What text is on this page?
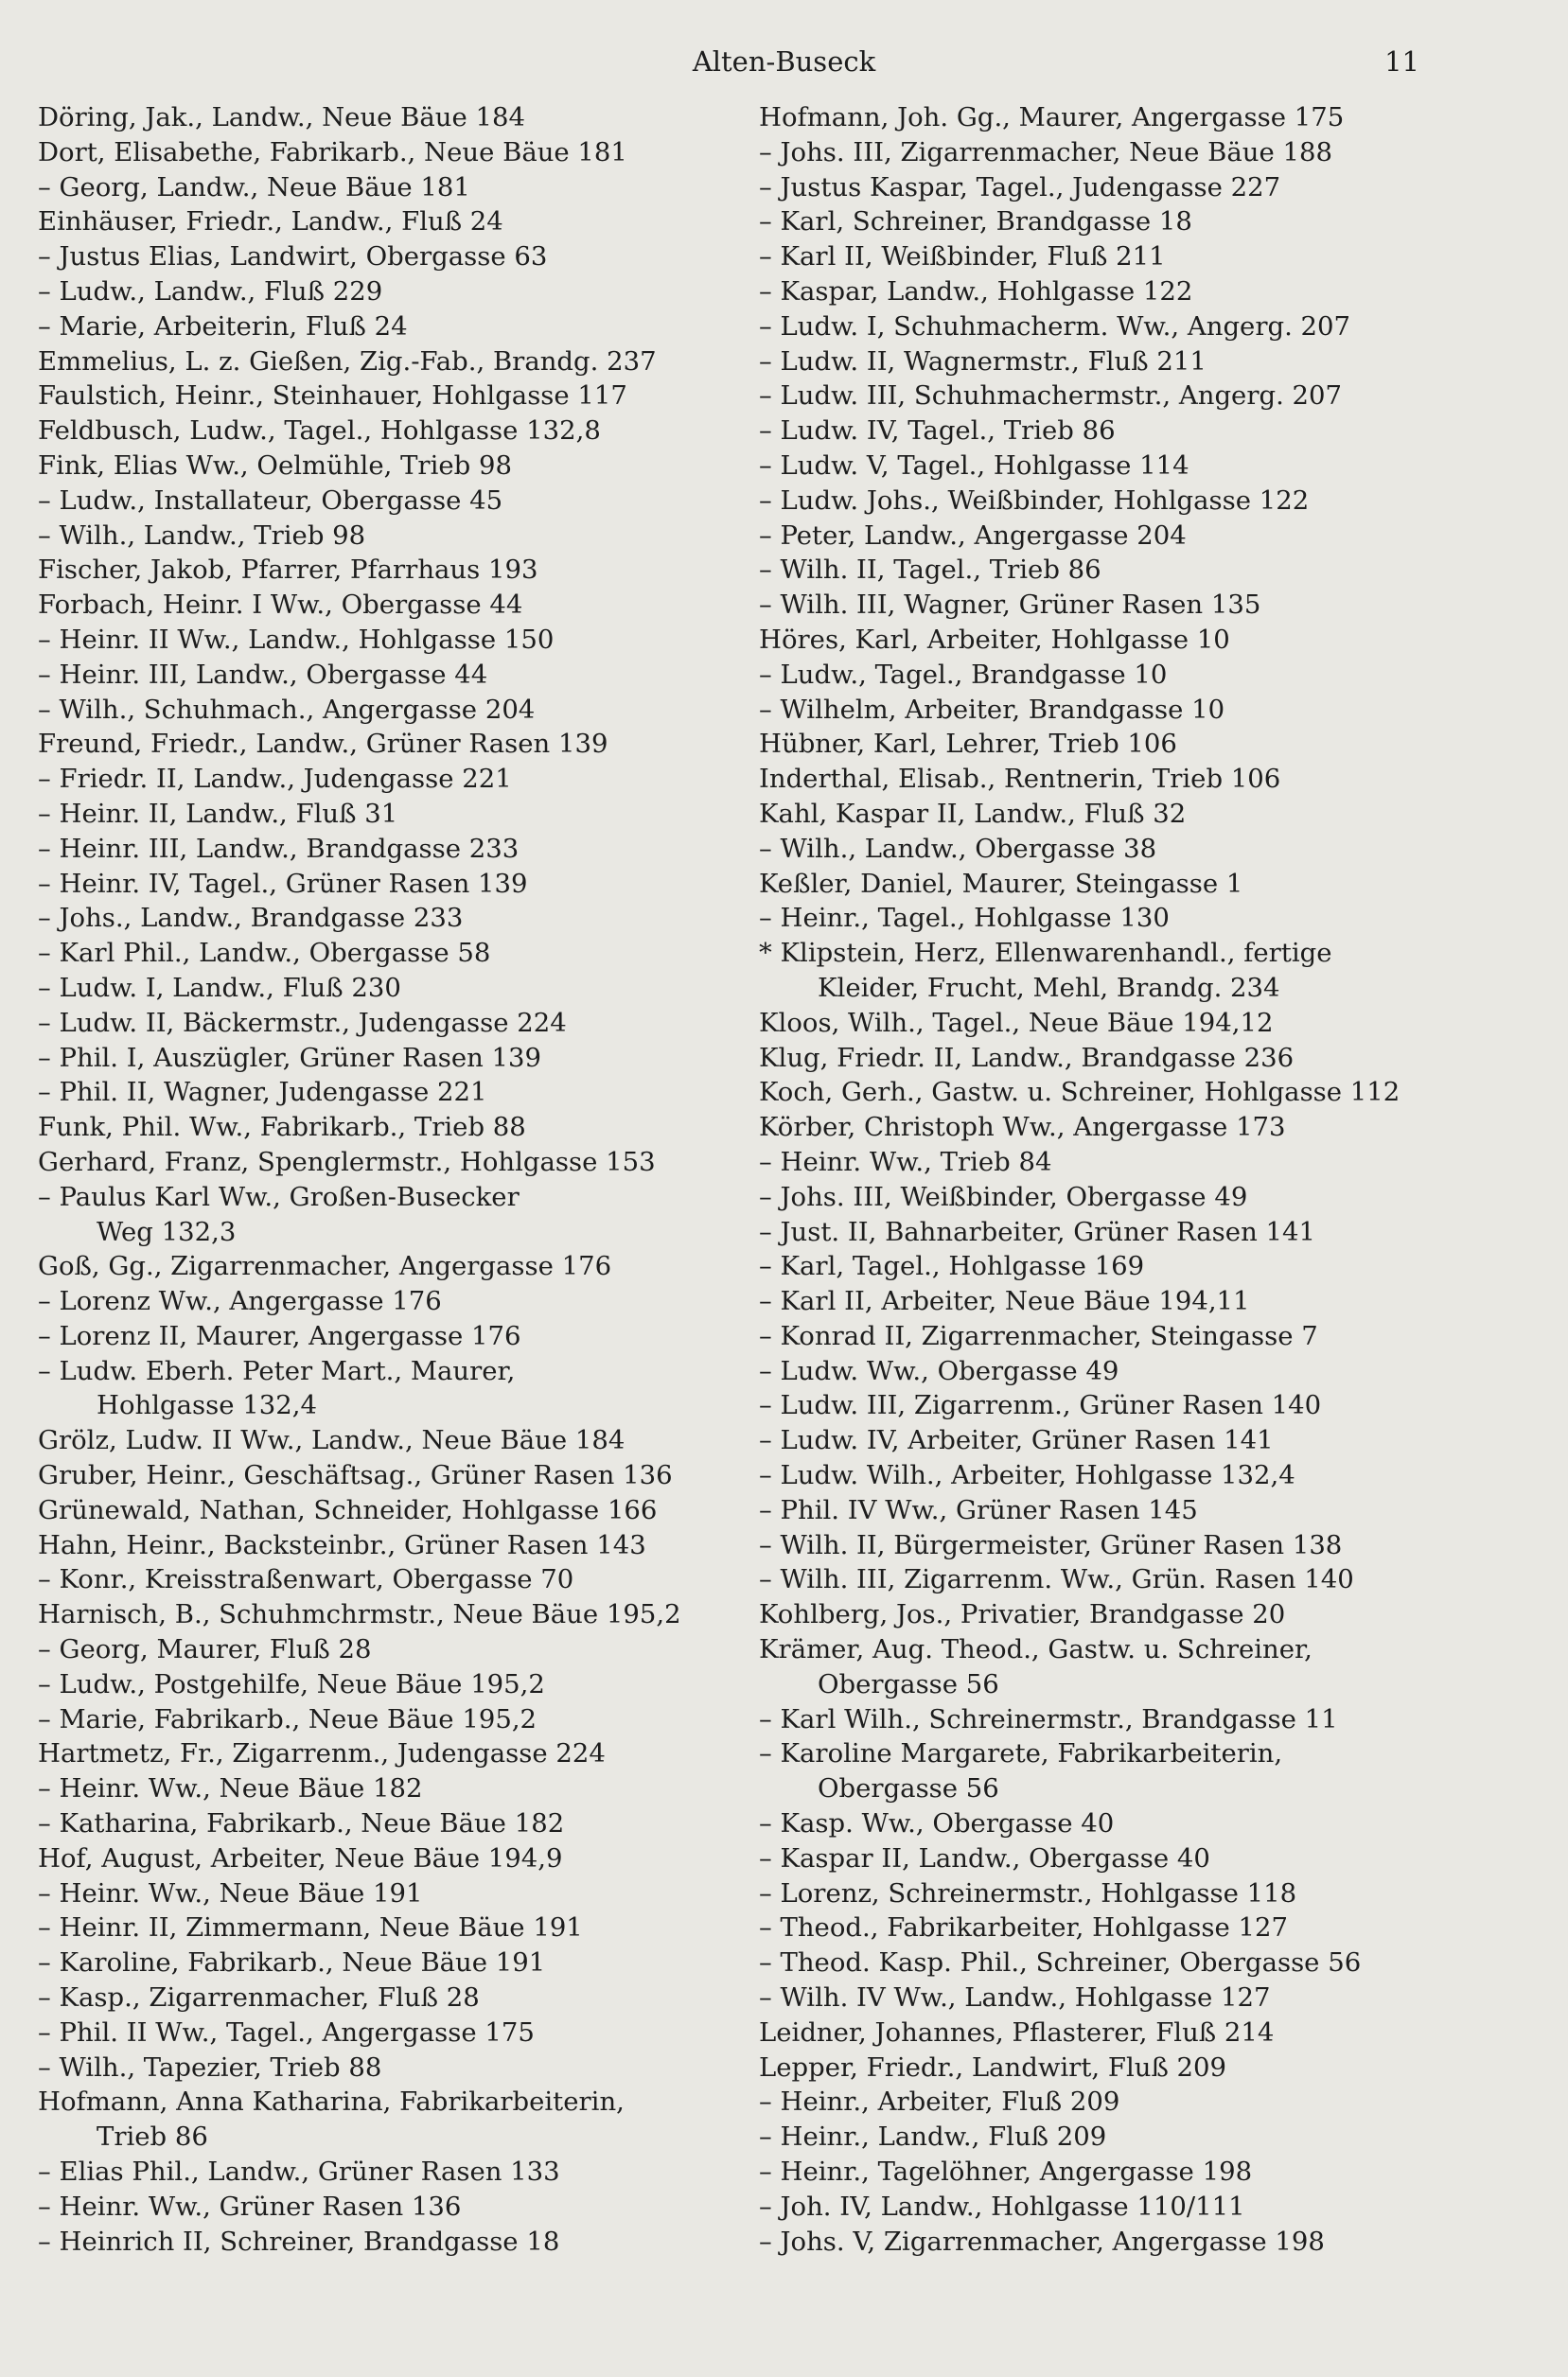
Alten-Buseck	11
Döring, Jak., Landw., Neue Bäue 184
Dort, Elisabethe, Fabrikarb., Neue Bäue 181
– Georg, Landw., Neue Bäue 181
Einhäuser, Friedr., Landw., Fluß 24
– Justus Elias, Landwirt, Obergasse 63
– Ludw., Landw., Fluß 229
– Marie, Arbeiterin, Fluß 24
Emmelius, L. z. Gießen, Zig.-Fab., Brandg. 237
Faulstich, Heinr., Steinhauer, Hohlgasse 117
Feldbusch, Ludw., Tagel., Hohlgasse 132,8
Fink, Elias Ww., Oelmühle, Trieb 98
– Ludw., Installateur, Obergasse 45
– Wilh., Landw., Trieb 98
Fischer, Jakob, Pfarrer, Pfarrhaus 193
Forbach, Heinr. I Ww., Obergasse 44
– Heinr. II Ww., Landw., Hohlgasse 150
– Heinr. III, Landw., Obergasse 44
– Wilh., Schuhmach., Angergasse 204
Freund, Friedr., Landw., Grüner Rasen 139
– Friedr. II, Landw., Judengasse 221
– Heinr. II, Landw., Fluß 31
– Heinr. III, Landw., Brandgasse 233
– Heinr. IV, Tagel., Grüner Rasen 139
– Johs., Landw., Brandgasse 233
– Karl Phil., Landw., Obergasse 58
– Ludw. I, Landw., Fluß 230
– Ludw. II, Bäckermstr., Judengasse 224
– Phil. I, Auszügler, Grüner Rasen 139
– Phil. II, Wagner, Judengasse 221
Funk, Phil. Ww., Fabrikarb., Trieb 88
Gerhard, Franz, Spenglermstr., Hohlgasse 153
– Paulus Karl Ww., Großen-Busecker
Weg 132,3
Goß, Gg., Zigarrenmacher, Angergasse 176
– Lorenz Ww., Angergasse 176
– Lorenz II, Maurer, Angergasse 176
– Ludw. Eberh. Peter Mart., Maurer,
Hohlgasse 132,4
Grölz, Ludw. II Ww., Landw., Neue Bäue 184
Gruber, Heinr., Geschäftsag., Grüner Rasen 136
Grünewald, Nathan, Schneider, Hohlgasse 166
Hahn, Heinr., Backsteinbr., Grüner Rasen 143
– Konr., Kreisstraßenwart, Obergasse 70
Harnisch, B., Schuhmchrmstr., Neue Bäue 195,2
– Georg, Maurer, Fluß 28
– Ludw., Postgehilfe, Neue Bäue 195,2
– Marie, Fabrikarb., Neue Bäue 195,2
Hartmetz, Fr., Zigarrenm., Judengasse 224
– Heinr. Ww., Neue Bäue 182
– Katharina, Fabrikarb., Neue Bäue 182
Hof, August, Arbeiter, Neue Bäue 194,9
– Heinr. Ww., Neue Bäue 191
– Heinr. II, Zimmermann, Neue Bäue 191
– Karoline, Fabrikarb., Neue Bäue 191
– Kasp., Zigarrenmacher, Fluß 28
– Phil. II Ww., Tagel., Angergasse 175
– Wilh., Tapezier, Trieb 88
Hofmann, Anna Katharina, Fabrikarbeiterin,
Trieb 86
– Elias Phil., Landw., Grüner Rasen 133
– Heinr. Ww., Grüner Rasen 136
– Heinrich II, Schreiner, Brandgasse 18
Hofmann, Joh. Gg., Maurer, Angergasse 175
– Johs. III, Zigarrenmacher, Neue Bäue 188
– Justus Kaspar, Tagel., Judengasse 227
– Karl, Schreiner, Brandgasse 18
– Karl II, Weißbinder, Fluß 211
– Kaspar, Landw., Hohlgasse 122
– Ludw. I, Schuhmacherm. Ww., Angerg. 207
– Ludw. II, Wagnermstr., Fluß 211
– Ludw. III, Schuhmachermstr., Angerg. 207
– Ludw. IV, Tagel., Trieb 86
– Ludw. V, Tagel., Hohlgasse 114
– Ludw. Johs., Weißbinder, Hohlgasse 122
– Peter, Landw., Angergasse 204
– Wilh. II, Tagel., Trieb 86
– Wilh. III, Wagner, Grüner Rasen 135
Höres, Karl, Arbeiter, Hohlgasse 10
– Ludw., Tagel., Brandgasse 10
– Wilhelm, Arbeiter, Brandgasse 10
Hübner, Karl, Lehrer, Trieb 106
Inderthal, Elisab., Rentnerin, Trieb 106
Kahl, Kaspar II, Landw., Fluß 32
– Wilh., Landw., Obergasse 38
Keßler, Daniel, Maurer, Steingasse 1
– Heinr., Tagel., Hohlgasse 130
* Klipstein, Herz, Ellenwarenhandl., fertige
Kleider, Frucht, Mehl, Brandg. 234
Kloos, Wilh., Tagel., Neue Bäue 194,12
Klug, Friedr. II, Landw., Brandgasse 236
Koch, Gerh., Gastw. u. Schreiner, Hohlgasse 112
Körber, Christoph Ww., Angergasse 173
– Heinr. Ww., Trieb 84
– Johs. III, Weißbinder, Obergasse 49
– Just. II, Bahnarbeiter, Grüner Rasen 141
– Karl, Tagel., Hohlgasse 169
– Karl II, Arbeiter, Neue Bäue 194,11
– Konrad II, Zigarrenmacher, Steingasse 7
– Ludw. Ww., Obergasse 49
– Ludw. III, Zigarrenm., Grüner Rasen 140
– Ludw. IV, Arbeiter, Grüner Rasen 141
– Ludw. Wilh., Arbeiter, Hohlgasse 132,4
– Phil. IV Ww., Grüner Rasen 145
– Wilh. II, Bürgermeister, Grüner Rasen 138
– Wilh. III, Zigarrenm. Ww., Grün. Rasen 140
Kohlberg, Jos., Privatier, Brandgasse 20
Krämer, Aug. Theod., Gastw. u. Schreiner,
Obergasse 56
– Karl Wilh., Schreinermstr., Brandgasse 11
– Karoline Margarete, Fabrikarbeiterin,
Obergasse 56
– Kasp. Ww., Obergasse 40
– Kaspar II, Landw., Obergasse 40
– Lorenz, Schreinermstr., Hohlgasse 118
– Theod., Fabrikarbeiter, Hohlgasse 127
– Theod. Kasp. Phil., Schreiner, Obergasse 56
– Wilh. IV Ww., Landw., Hohlgasse 127
Leidner, Johannes, Pflasterer, Fluß 214
Lepper, Friedr., Landwirt, Fluß 209
– Heinr., Arbeiter, Fluß 209
– Heinr., Landw., Fluß 209
– Heinr., Tagelöhner, Angergasse 198
– Joh. IV, Landw., Hohlgasse 110/111
– Johs. V, Zigarrenmacher, Angergasse 198
